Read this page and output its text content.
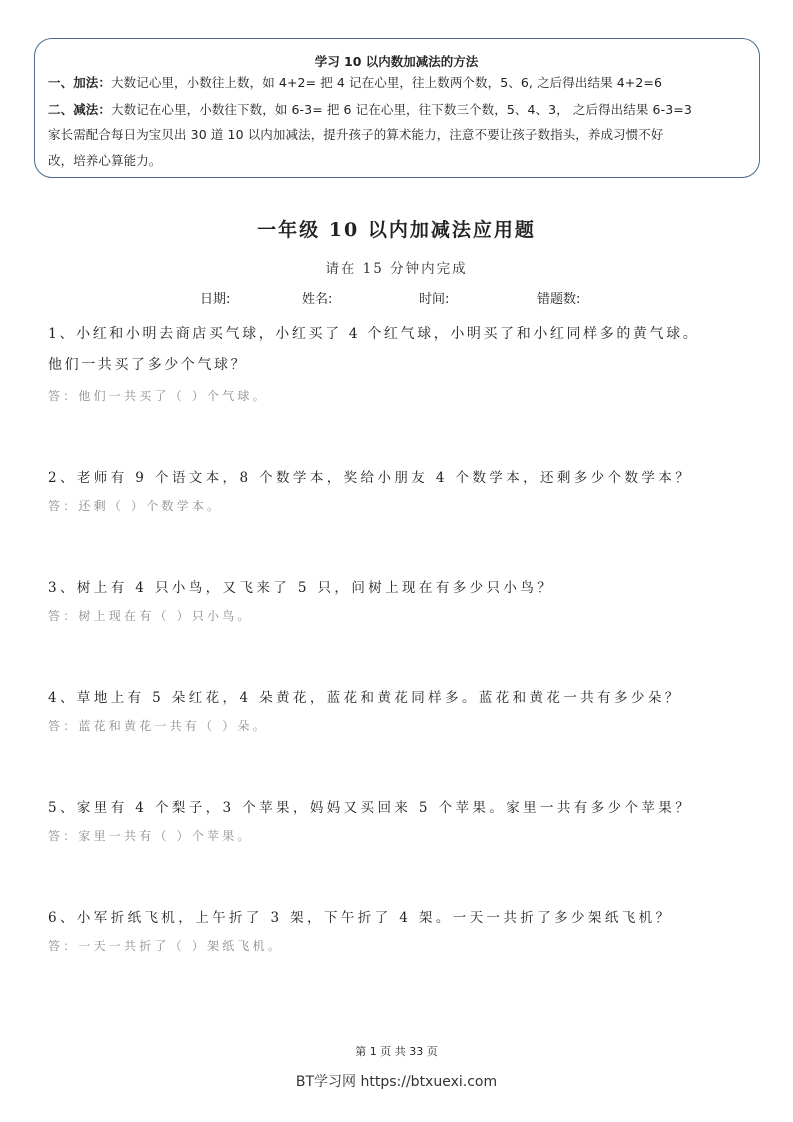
学习 10 以内数加减法的方法
一、加法：大数记心里，小数往上数，如 4+2= 把 4 记在心里，往上数两个数，5、6, 之后得出结果 4+2=6
二、减法：大数记在心里，小数往下数，如 6-3= 把 6 记在心里，往下数三个数，5、4、3， 之后得出结果 6-3=3
家长需配合每日为宝贝出 30 道 10 以内加减法，提升孩子的算术能力，注意不要让孩子数指头，养成习惯不好
改，培养心算能力。
一年级 10 以内加减法应用题
请在 15 分钟内完成
日期:	姓名:	时间:	错题数:
1、小红和小明去商店买气球，小红买了 4 个红气球，小明买了和小红同样多的黄气球。
他们一共买了多少个气球？
答：他们一共买了（ ）个气球。
2、老师有 9 个语文本，8 个数学本，奖给小朋友 4 个数学本，还剩多少个数学本？
答：还剩（ ）个数学本。
3、树上有 4 只小鸟，又飞来了 5 只，问树上现在有多少只小鸟？
答：树上现在有（ ）只小鸟。
4、草地上有 5 朵红花，4 朵黄花，蓝花和黄花同样多。蓝花和黄花一共有多少朵？
答：蓝花和黄花一共有（ ）朵。
5、家里有 4 个梨子，3 个苹果，妈妈又买回来 5 个苹果。家里一共有多少个苹果？
答：家里一共有（ ）个苹果。
6、小军折纸飞机，上午折了 3 架，下午折了 4 架。一天一共折了多少架纸飞机？
答：一天一共折了（ ）架纸飞机。
第 1 页 共 33 页
BT学习网 https://btxuexi.com
